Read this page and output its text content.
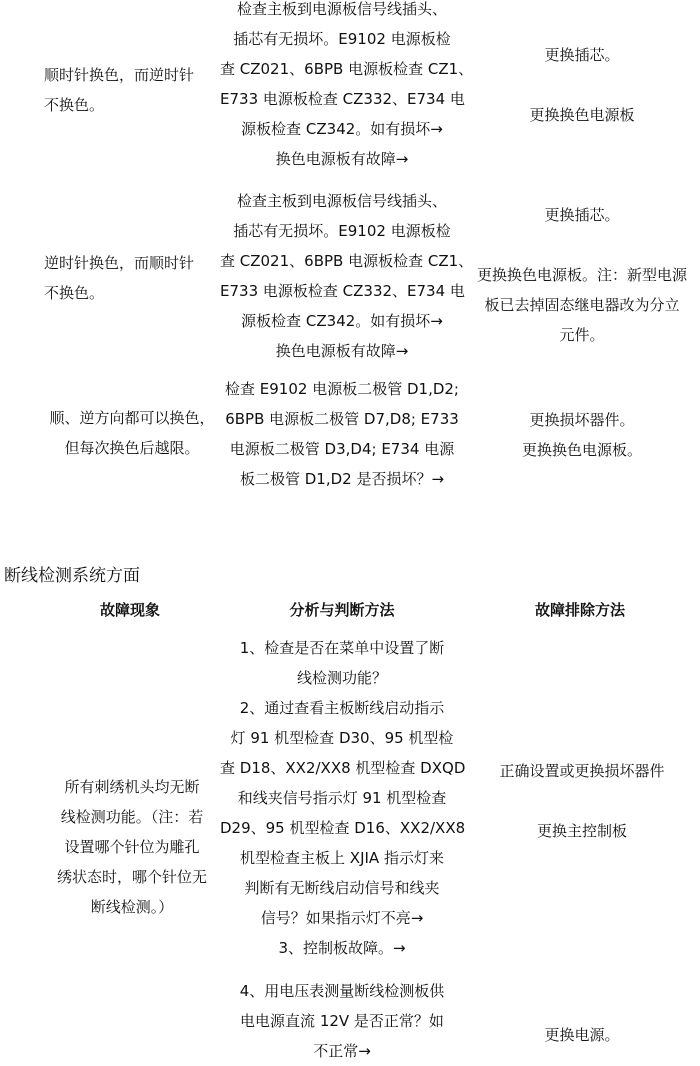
顺时针换色，而逆时针
不换色。
检查主板到电源板信号线插头、
插芯有无损坏。E9102 电源板检
查 CZ021、6BPB 电源板检查 CZ1、
E733 电源板检查 CZ332、E734 电
源板检查 CZ342。如有损坏→
换色电源板有故障→
更换插芯。
更换换色电源板
逆时针换色，而顺时针
不换色。
检查主板到电源板信号线插头、
插芯有无损坏。E9102 电源板检
查 CZ021、6BPB 电源板检查 CZ1、
E733 电源板检查 CZ332、E734 电
源板检查 CZ342。如有损坏→
换色电源板有故障→
更换插芯。
更换换色电源板。注：新型电源
板已去掉固态继电器改为分立
元件。
顺、逆方向都可以换色，
但每次换色后越限。
检查 E9102 电源板二极管 D1,D2;
6BPB 电源板二极管 D7,D8; E733
电源板二极管 D3,D4; E734 电源
板二极管 D1,D2 是否损坏？→
更换损坏器件。
更换换色电源板。
断线检测系统方面
故障现象	分析与判断方法	故障排除方法
所有刺绣机头均无断
线检测功能。（注：若
设置哪个针位为雕孔
绣状态时，哪个针位无
断线检测。）
1、检查是否在菜单中设置了断
线检测功能？
2、通过查看主板断线启动指示
灯 91 机型检查 D30、95 机型检
查 D18、XX2/XX8 机型检查 DXQD
和线夹信号指示灯 91 机型检查
D29、95 机型检查 D16、XX2/XX8
机型检查主板上 XJIA 指示灯来
判断有无断线启动信号和线夹
信号？如果指示灯不亮→
3、控制板故障。→
正确设置或更换损坏器件
更换主控制板
4、用电压表测量断线检测板供
电电源直流 12V 是否正常？如
不正常→
更换电源。
